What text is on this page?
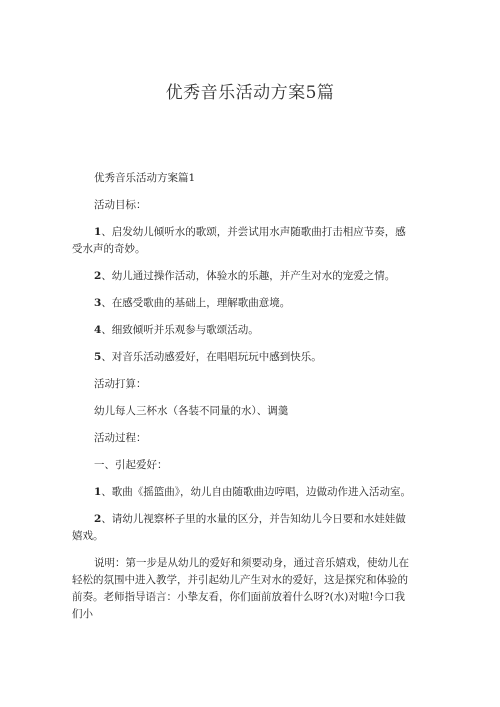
优秀音乐活动方案5篇

优秀音乐活动方案篇1

活动目标：

1、启发幼儿倾听水的歌颂，并尝试用水声随歌曲打击相应节奏，感受水声的奇妙。

2、幼儿通过操作活动，体验水的乐趣，并产生对水的宠爱之情。

3、在感受歌曲的基础上，理解歌曲意境。

4、细致倾听并乐观参与歌颂活动。

5、对音乐活动感爱好，在唱唱玩玩中感到快乐。

活动打算：

幼儿每人三杯水（各装不同量的水）、调羹

活动过程：

一、引起爱好：

1、歌曲《摇篮曲》，幼儿自由随歌曲边哼唱，边做动作进入活动室。

2、请幼儿视察杯子里的水量的区分，并告知幼儿今日要和水娃娃做嬉戏。

说明：第一步是从幼儿的爱好和须要动身，通过音乐嬉戏，使幼儿在轻松的氛围中进入教学，并引起幼儿产生对水的爱好，这是探究和体验的前奏。老师指导语言：小挚友看，你们面前放着什么呀?(水)对啦!今口我们小
